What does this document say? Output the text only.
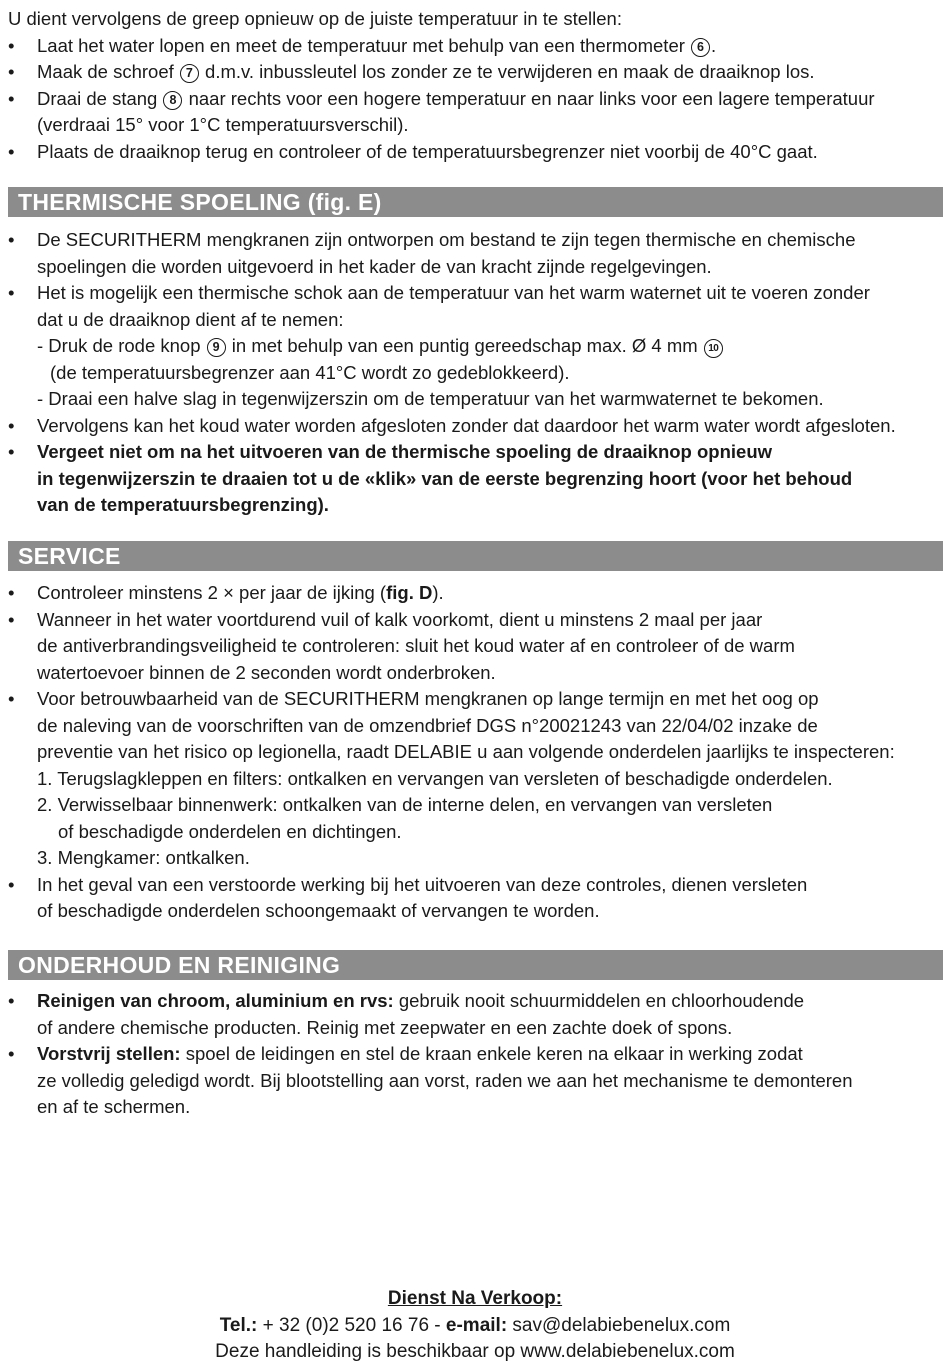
U dient vervolgens de greep opnieuw op de juiste temperatuur in te stellen:
• Laat het water lopen en meet de temperatuur met behulp van een thermometer 6 .
• Maak de schroef 7 d.m.v. inbussleutel los zonder ze te verwijderen en maak de draaiknop los.
• Draai de stang 8 naar rechts voor een hogere temperatuur en naar links voor een lagere temperatuur
(verdraai 15° voor 1°C temperatuursverschil).
• Plaats de draaiknop terug en controleer of de temperatuursbegrenzer niet voorbij de 40°C gaat.
THERMISCHE SPOELING (fig. E)
• De SECURITHERM mengkranen zijn ontworpen om bestand te zijn tegen thermische en chemische
spoelingen die worden uitgevoerd in het kader de van kracht zijnde regelgevingen.
• Het is mogelijk een thermische schok aan de temperatuur van het warm waternet uit te voeren zonder
dat u de draaiknop dient af te nemen:
- Druk de rode knop 9 in met behulp van een puntig gereedschap max. Ø 4 mm 10
(de temperatuursbegrenzer aan 41°C wordt zo gedeblokkeerd).
- Draai een halve slag in tegenwijzerszin om de temperatuur van het warmwaternet te bekomen.
• Vervolgens kan het koud water worden afgesloten zonder dat daardoor het warm water wordt afgesloten.
• Vergeet niet om na het uitvoeren van de thermische spoeling de draaiknop opnieuw
in tegenwijzerszin te draaien tot u de «klik» van de eerste begrenzing hoort (voor het behoud
van de temperatuursbegrenzing).
SERVICE
• Controleer minstens 2 × per jaar de ijking (fig. D).
• Wanneer in het water voortdurend vuil of kalk voorkomt, dient u minstens 2 maal per jaar
de antiverbrandingsveiligheid te controleren: sluit het koud water af en controleer of de warm
watertoevoer binnen de 2 seconden wordt onderbroken.
• Voor betrouwbaarheid van de SECURITHERM mengkranen op lange termijn en met het oog op
de naleving van de voorschriften van de omzendbrief DGS n°20021243 van 22/04/02 inzake de
preventie van het risico op legionella, raadt DELABIE u aan volgende onderdelen jaarlijks te inspecteren:
1. Terugslagkleppen en filters: ontkalken en vervangen van versleten of beschadigde onderdelen.
2. Verwisselbaar binnenwerk: ontkalken van de interne delen, en vervangen van versleten
of beschadigde onderdelen en dichtingen.
3. Mengkamer: ontkalken.
• In het geval van een verstoorde werking bij het uitvoeren van deze controles, dienen versleten
of beschadigde onderdelen schoongemaakt of vervangen te worden.
ONDERHOUD EN REINIGING
• Reinigen van chroom, aluminium en rvs: gebruik nooit schuurmiddelen en chloorhoudende
of andere chemische producten. Reinig met zeepwater en een zachte doek of spons.
• Vorstvrij stellen: spoel de leidingen en stel de kraan enkele keren na elkaar in werking zodat
ze volledig geledigd wordt. Bij blootstelling aan vorst, raden we aan het mechanisme te demonteren
en af te schermen.
Dienst Na Verkoop:
Tel.: + 32 (0)2 520 16 76 - e-mail: sav@delabiebenelux.com
Deze handleiding is beschikbaar op www.delabiebenelux.com
